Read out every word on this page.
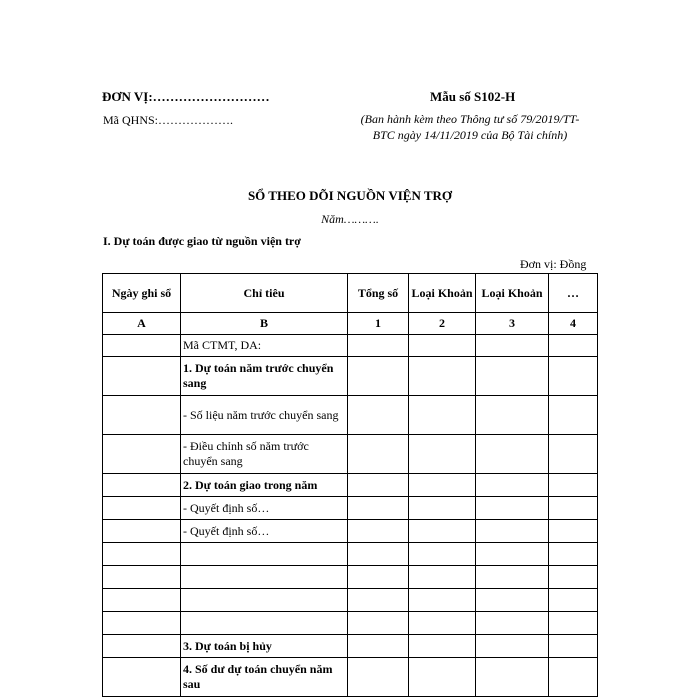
ĐƠN VỊ:………………………
Mã QHNS:……………….
Mẫu số S102-H
(Ban hành kèm theo Thông tư số 79/2019/TT-BTC ngày 14/11/2019 của Bộ Tài chính)
SỔ THEO DÕI NGUỒN VIỆN TRỢ
Năm……….
I. Dự toán được giao từ nguồn viện trợ
Đơn vị: Đồng
Ngày ghi sổ	Chỉ tiêu	Tổng số	Loại Khoản	Loại Khoản	…
A	B	1	2	3	4
	Mã CTMT, DA:				
	1. Dự toán năm trước chuyển sang				
	- Số liệu năm trước chuyển sang				
	- Điều chỉnh số năm trước chuyển sang				
	2. Dự toán giao trong năm				
	- Quyết định số…				
	- Quyết định số…				

	3. Dự toán bị hủy				
	4. Số dư dự toán chuyển năm sau				
